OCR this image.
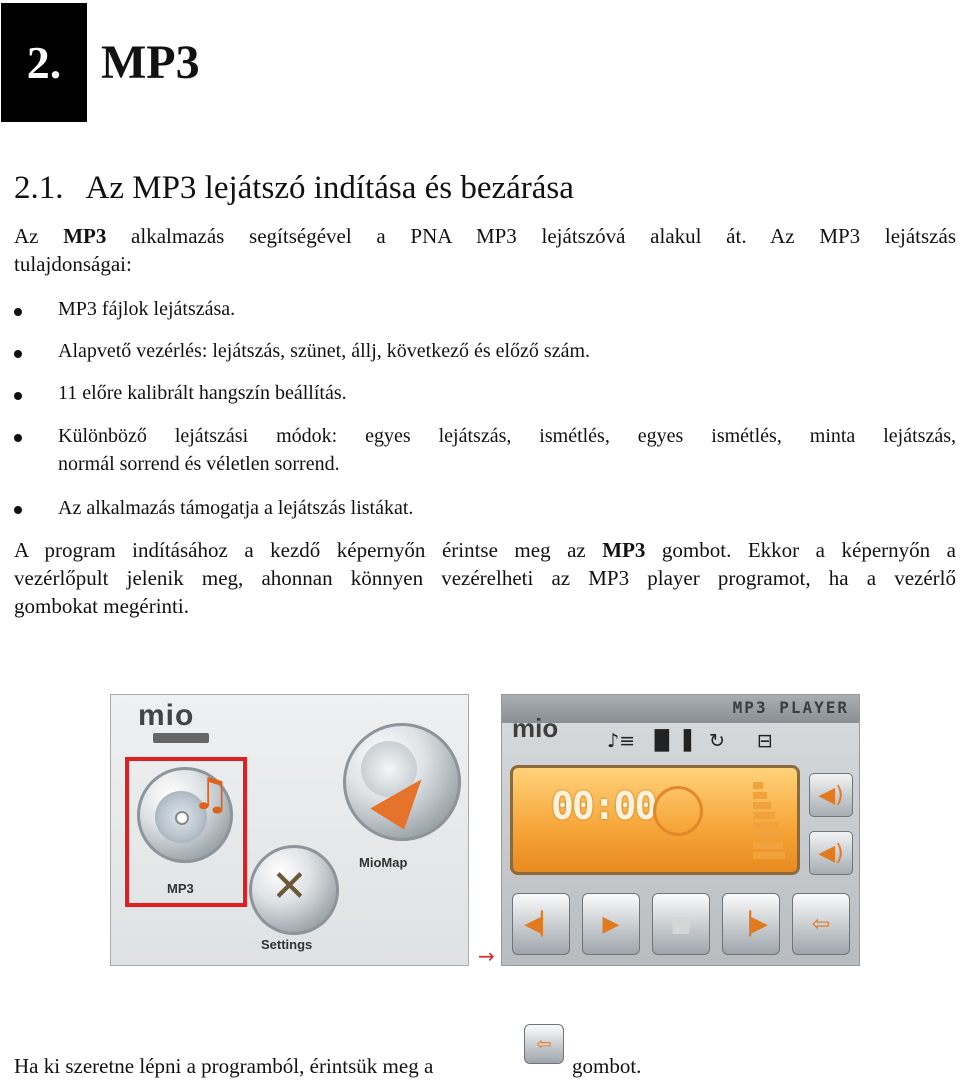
2. MP3
2.1. Az MP3 lejátszó indítása és bezárása
Az MP3 alkalmazás segítségével a PNA MP3 lejátszóvá alakul át. Az MP3 lejátszás
tulajdonságai:
MP3 fájlok lejátszása.
Alapvető vezérlés: lejátszás, szünet, állj, következő és előző szám.
11 előre kalibrált hangszín beállítás.
Különböző lejátszási módok: egyes lejátszás, ismétlés, egyes ismétlés, minta lejátszás,
normál sorrend és véletlen sorrend.
Az alkalmazás támogatja a lejátszás listákat.
A program indításához a kezdő képernyőn érintse meg az MP3 gombot. Ekkor a képernyőn a
vezérlőpult jelenik meg, ahonnan könnyen vezérelheti az MP3 player programot, ha a vezérlő
gombokat megérinti.
mio
♫
MP3
MioMap
✕
Settings	→
MP3 PLAYER
mio	♪≡ ▐▌▐ ↻	⊟
00:00	◀)
◀)
◀▏	▶	■	▕▶	⇦
Ha ki szeretne lépni a programból, érintsük meg a
⇦
gombot.
